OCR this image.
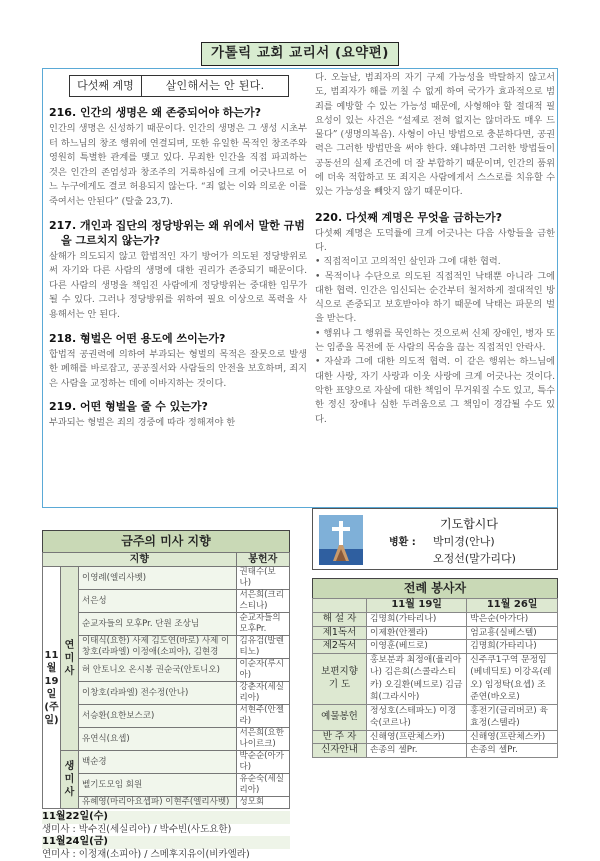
가톨릭 교회 교리서 (요약편)
다섯째 계명	살인해서는 안 된다.
216. 인간의 생명은 왜 존중되어야 하는가?

인간의 생명은 신성하기 때문이다. 인간의 생명은 그 생성 시초부터 하느님의 창조 행위에 연결되며, 또한 유일한 목적인 창조주와 영원히 특별한 관계를 맺고 있다. 무죄한 인간을 직접 파괴하는 것은 인간의 존엄성과 창조주의 거룩하심에 크게 어긋나므로 어느 누구에게도 결코 허용되지 않는다. “죄 없는 이와 의로운 이를 죽여서는 안된다” (탈출 23,7).

217. 개인과 집단의 정당방위는 왜 위에서 말한 규범을 그르치지 않는가?

살해가 의도되지 않고 합법적인 자기 방어가 의도된 정당방위로써 자기와 다른 사람의 생명에 대한 권리가 존중되기 때문이다. 다른 사람의 생명을 책임진 사람에게 정당방위는 중대한 임무가 될 수 있다. 그러나 정당방위를 위하여 필요 이상으로 폭력을 사용해서는 안 된다.

218. 형벌은 어떤 용도에 쓰이는가?

합법적 공권력에 의하여 부과되는 형벌의 목적은 잘못으로 발생한 폐해를 바로잡고, 공공질서와 사람들의 안전을 보호하며, 죄지은 사람을 교정하는 데에 이바지하는 것이다.

219. 어떤 형벌을 줄 수 있는가?

부과되는 형벌은 죄의 경중에 따라 정해져야 한

다. 오늘날, 범죄자의 자기 구제 가능성을 박탈하지 않고서도, 범죄자가 해를 끼칠 수 없게 하여 국가가 효과적으로 범죄를 예방할 수 있는 가능성 때문에, 사형해야 할 절대적 필요성이 있는 사건은 “설제로 전혀 없지는 않더라도 매우 드물다” (생명의복음). 사형이 아닌 방법으로 충분하다면, 공권력은 그러한 방법만을 써야 한다. 왜냐하면 그러한 방법들이 공동선의 실제 조건에 더 잘 부합하기 때문이며, 인간의 품위에 더욱 적합하고 또 죄지은 사람에게서 스스로를 치유할 수 있는 가능성을 빼앗지 않기 때문이다.

220. 다섯째 계명은 무엇을 금하는가?

다섯째 계명은 도덕률에 크게 어긋나는 다음 사항들을 금한다.

• 직접적이고 고의적인 살인과 그에 대한 협력.
• 목적이나 수단으로 의도된 직접적인 낙태뿐 아니라 그에 대한 협력. 인간은 임신되는 순간부터 철저하게 절대적인 방식으로 존중되고 보호받아야 하기 때문에 낙태는 파문의 벌을 받는다.
• 행위나 그 행위를 묵인하는 것으로써 신체 장애인, 병자 또는 임종을 목전에 둔 사람의 목숨을 끊는 직접적인 안락사.
• 자살과 그에 대한 의도적 협력. 이 같은 행위는 하느님에 대한 사랑, 자기 사랑과 이웃 사랑에 크게 어긋나는 것이다. 악한 표양으로 자살에 대한 책임이 무거워질 수도 있고, 특수한 정신 장애나 심한 두려움으로 그 책임이 경감될 수도 있다.
금주의 미사 지향
지향			봉헌자
11월19일(주일)	연미사	이영례(엘리사벳)	권태수(보나)
		서은성	서은희(크리스티나)
		순교자들의 모후Pr. 단원 조상님	순교자들의 모후Pr.
		이태식(요한) 사제 김도연(바로) 사제 이창호(라파엘) 이정애(소피아), 김현경	김유검(발렌티노)
		허 안토니오 온시봉 권순국(안토니오)	이순자(루시아)
		이창호(라파엘) 전수정(안나)	강춘자(세실리아)
		서승환(요한보스코)	서현주(안젤라)
		유연식(요셉)	서은희(요한나이르크)
	생미사	백순경	박순순(아가다)
		벨기도모임 회원	유순숙(세실리아)
		유혜영(마리아요셉파) 이현주(엘리사벳)	성모회
11월22일(수)
생미사 : 박수진(세실리아) / 박수빈(사도요한)
11월24일(금)
연미사 : 이정재(소피아) / 스메후지유이(비카엘라)
기도합시다
병환 : 박미경(안나)
오정선(말가리다)
전례 봉사자
	11월 19일	11월 26일
해 설 자	김명희(가타리나)	박은순(아가다)
제1독서	이제환(안젤라)	엄교흥(실베스텔)
제2독서	이영훈(베드로)	김명희(가타리나)
보편지향 기 도	홍보분과 최정애(율리아나) 김은희(스콜라스티카) 오길환(베드로) 김금희(그라시아)	신주쿠1구역 문정임(베네딕토) 이강옥(레오) 임정탁(요셉) 조준연(바오로)
예물봉헌	정성호(스테파노) 이경숙(코르나)	홍전기(글리버코) 육효정(스텔라)
반 주 자	신해영(프란체스카)	신해영(프란체스카)
신자안내	손종의 셀Pr.	손종의 셀Pr.
